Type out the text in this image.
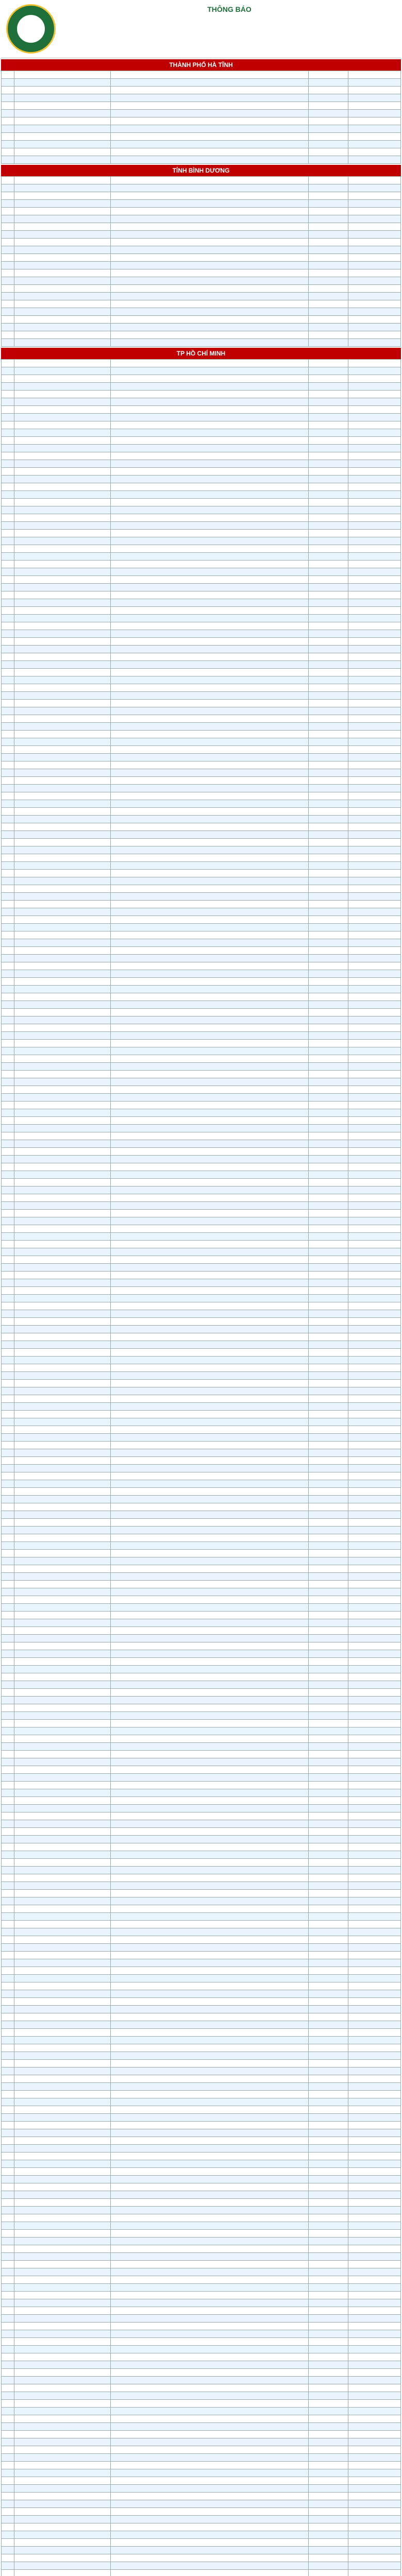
THÔNG BÁO
THÀNH PHỐ HÀ TĨNH

TỈNH BÌNH DƯƠNG

TP HỒ CHÍ MINH
